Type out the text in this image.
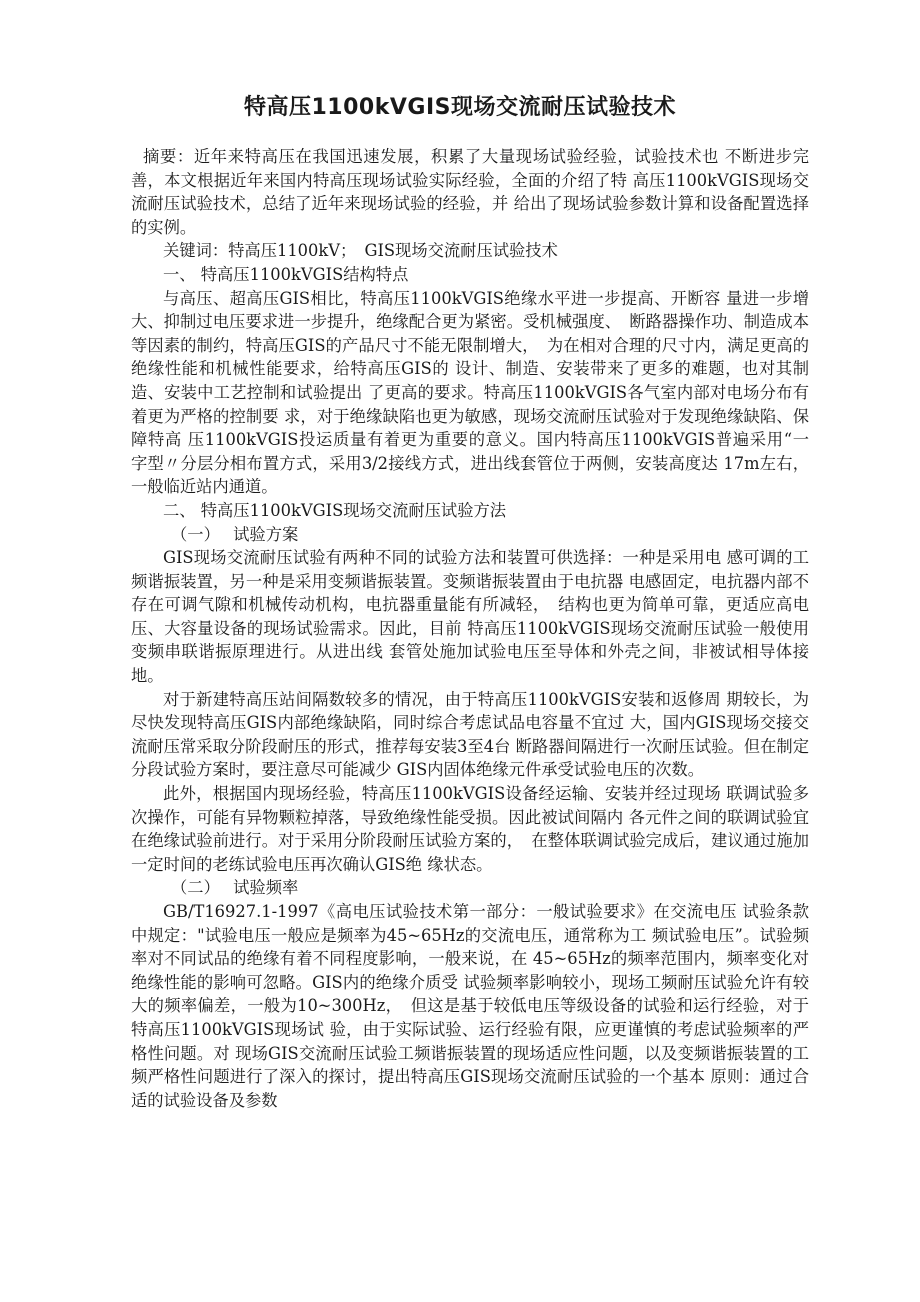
特高压1100kVGIS现场交流耐压试验技术

摘要：近年来特高压在我国迅速发展，积累了大量现场试验经验，试验技术也 不断进步完善，本文根据近年来国内特高压现场试验实际经验，全面的介绍了特 高压1100kVGIS现场交流耐压试验技术，总结了近年来现场试验的经验，并 给出了现场试验参数计算和设备配置选择的实例。

关键词：特高压1100kV；　GIS现场交流耐压试验技术

一、 特高压1100kVGIS结构特点

与高压、超高压GIS相比，特高压1100kVGIS绝缘水平进一步提高、开断容 量进一步增大、抑制过电压要求进一步提升，绝缘配合更为紧密。受机械强度、　断路器操作功、制造成本等因素的制约，特高压GIS的产品尺寸不能无限制增大，　为在相对合理的尺寸内，满足更高的绝缘性能和机械性能要求，给特高压GIS的 设计、制造、安装带来了更多的难题，也对其制造、安装中工艺控制和试验提出 了更高的要求。特高压1100kVGIS各气室内部对电场分布有着更为严格的控制要 求，对于绝缘缺陷也更为敏感，现场交流耐压试验对于发现绝缘缺陷、保障特高 压1100kVGIS投运质量有着更为重要的意义。国内特高压1100kVGIS普遍采用“一 字型〃分层分相布置方式，采用3/2接线方式，进出线套管位于两侧，安装高度达 17m左右，一般临近站内通道。

二、 特高压1100kVGIS现场交流耐压试验方法

（一）　 试验方案

GIS现场交流耐压试验有两种不同的试验方法和装置可供选择：一种是采用电 感可调的工频谐振装置，另一种是采用变频谐振装置。变频谐振装置由于电抗器 电感固定，电抗器内部不存在可调气隙和机械传动机构，电抗器重量能有所减轻，　结构也更为简单可靠，更适应高电压、大容量设备的现场试验需求。因此，目前 特高压1100kVGIS现场交流耐压试验一般使用变频串联谐振原理进行。从进出线 套管处施加试验电压至导体和外壳之间，非被试相导体接地。

对于新建特高压站间隔数较多的情况，由于特高压1100kVGIS安装和返修周 期较长，为尽快发现特高压GIS内部绝缘缺陷，同时综合考虑试品电容量不宜过 大，国内GIS现场交接交流耐压常采取分阶段耐压的形式，推荐每安装3至4台 断路器间隔进行一次耐压试验。但在制定分段试验方案时，要注意尽可能减少 GIS内固体绝缘元件承受试验电压的次数。

此外，根据国内现场经验，特高压1100kVGIS设备经运输、安装并经过现场 联调试验多次操作，可能有异物颗粒掉落，导致绝缘性能受损。因此被试间隔内 各元件之间的联调试验宜在绝缘试验前进行。对于采用分阶段耐压试验方案的，　在整体联调试验完成后，建议通过施加一定时间的老练试验电压再次确认GIS绝 缘状态。

（二）　 试验频率

GB/T16927.1-1997《高电压试验技术第一部分：一般试验要求》在交流电压 试验条款中规定："试验电压一般应是频率为45~65Hz的交流电压，通常称为工 频试验电压”。试验频率对不同试品的绝缘有着不同程度影响，一般来说，在 45~65Hz的频率范围内，频率变化对绝缘性能的影响可忽略。GIS内的绝缘介质受 试验频率影响较小，现场工频耐压试验允许有较大的频率偏差，一般为10~300Hz，　但这是基于较低电压等级设备的试验和运行经验，对于特高压1100kVGIS现场试 验，由于实际试验、运行经验有限，应更谨慎的考虑试验频率的严格性问题。对 现场GIS交流耐压试验工频谐振装置的现场适应性问题，以及变频谐振装置的工 频严格性问题进行了深入的探讨，提出特高压GIS现场交流耐压试验的一个基本 原则：通过合适的试验设备及参数
